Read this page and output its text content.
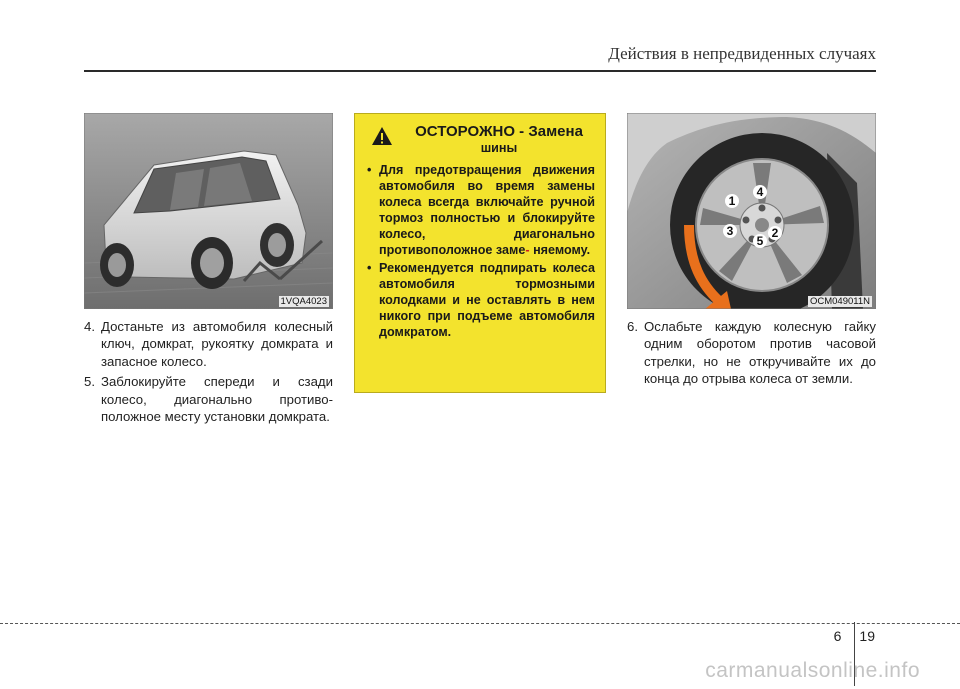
Действия в непредвиденных случаях
1VQA4023
4. Достаньте из автомобиля колесный ключ, домкрат, рукоятку домкрата и запасное колесо.
5. Заблокируйте спереди и сзади колесо, диагонально противо-положное месту установки домкрата.
ОСТОРОЖНО - Замена
шины
• Для предотвращения движения автомобиля во время замены колеса всегда включайте ручной тормоз полностью и блокируйте колесо, диагонально противоположное заме- няемому.
• Рекомендуется подпирать колеса автомобиля тормозными колодками и не оставлять в нем никого при подъеме автомобиля домкратом.
1
2
3
4
5
OCM049011N
6. Ослабьте каждую колесную гайку одним оборотом против часовой стрелки, но не откручивайте их до конца до отрыва колеса от земли.
6 19
carmanualsonline.info
